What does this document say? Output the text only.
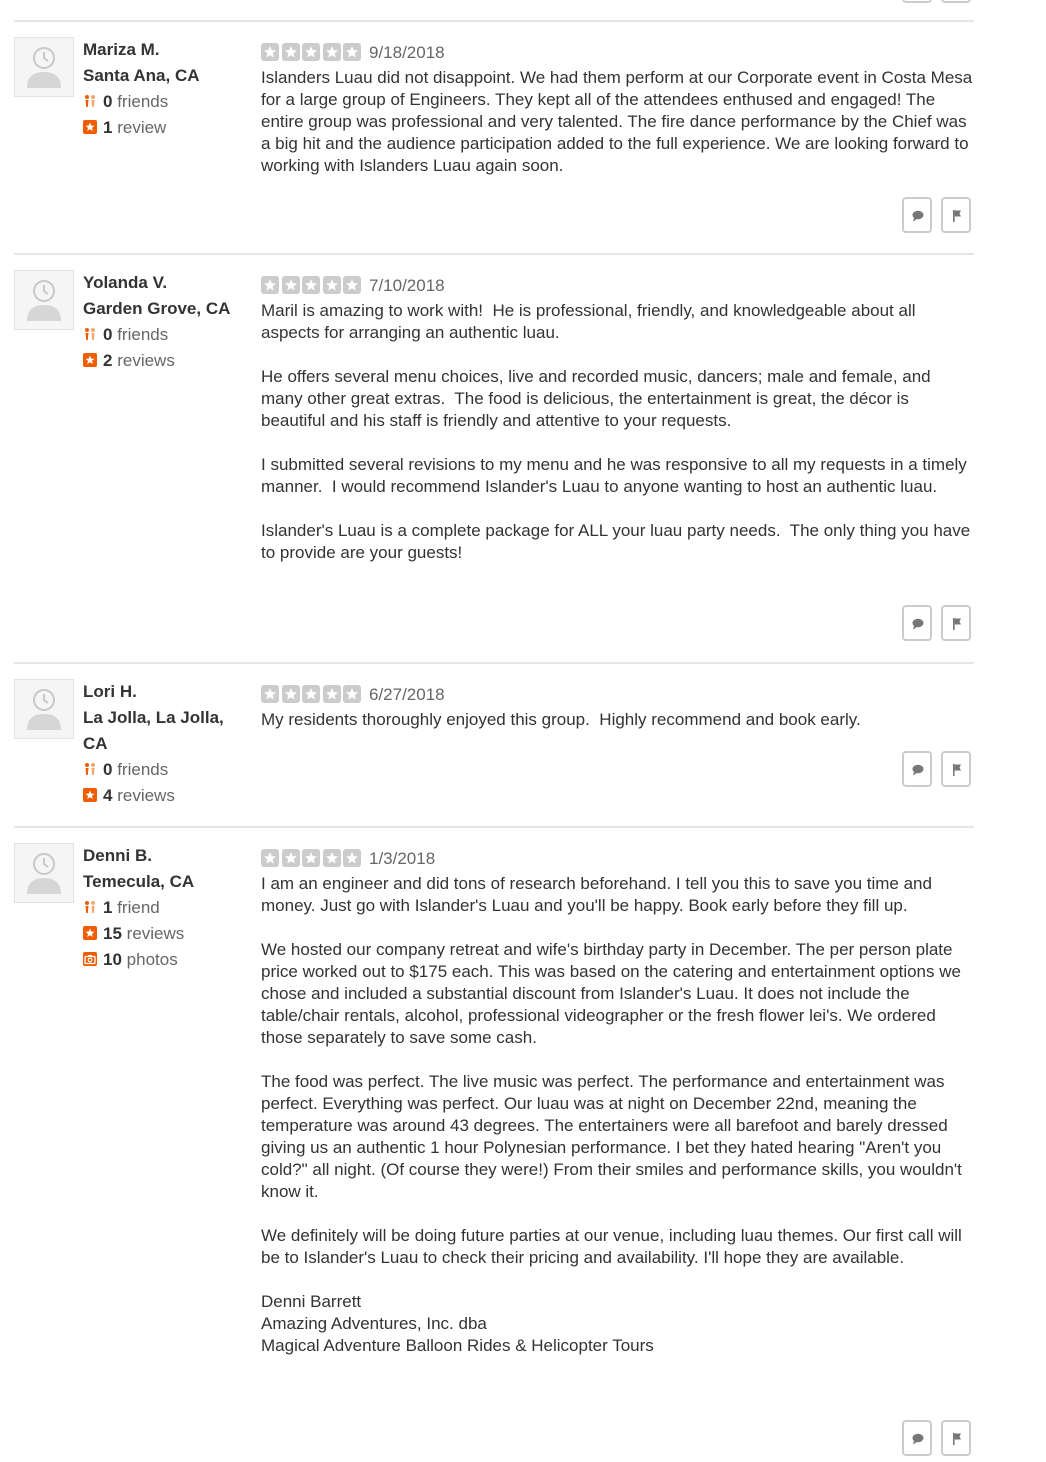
Mariza M.
Santa Ana, CA
0 friends
1 review
9/18/2018

Islanders Luau did not disappoint. We had them perform at our Corporate event in Costa Mesa for a large group of Engineers. They kept all of the attendees enthused and engaged! The entire group was professional and very talented. The fire dance performance by the Chief was a big hit and the audience participation added to the full experience. We are looking forward to working with Islanders Luau again soon.

Yolanda V.
Garden Grove, CA
0 friends
2 reviews
7/10/2018

Maril is amazing to work with!  He is professional, friendly, and knowledgeable about all aspects for arranging an authentic luau.

He offers several menu choices, live and recorded music, dancers; male and female, and many other great extras.  The food is delicious, the entertainment is great, the décor is beautiful and his staff is friendly and attentive to your requests.

I submitted several revisions to my menu and he was responsive to all my requests in a timely manner.  I would recommend Islander's Luau to anyone wanting to host an authentic luau.

Islander's Luau is a complete package for ALL your luau party needs.  The only thing you have to provide are your guests!

Lori H.
La Jolla, La Jolla, CA
0 friends
4 reviews
6/27/2018

My residents thoroughly enjoyed this group.  Highly recommend and book early.

Denni B.
Temecula, CA
1 friend
15 reviews
10 photos
1/3/2018

I am an engineer and did tons of research beforehand. I tell you this to save you time and money. Just go with Islander's Luau and you'll be happy. Book early before they fill up.

We hosted our company retreat and wife's birthday party in December. The per person plate price worked out to $175 each. This was based on the catering and entertainment options we chose and included a substantial discount from Islander's Luau. It does not include the table/chair rentals, alcohol, professional videographer or the fresh flower lei's. We ordered those separately to save some cash.

The food was perfect. The live music was perfect. The performance and entertainment was perfect. Everything was perfect. Our luau was at night on December 22nd, meaning the temperature was around 43 degrees. The entertainers were all barefoot and barely dressed giving us an authentic 1 hour Polynesian performance. I bet they hated hearing "Aren't you cold?" all night. (Of course they were!) From their smiles and performance skills, you wouldn't know it.

We definitely will be doing future parties at our venue, including luau themes. Our first call will be to Islander's Luau to check their pricing and availability. I'll hope they are available.

Denni Barrett
Amazing Adventures, Inc. dba
Magical Adventure Balloon Rides & Helicopter Tours
